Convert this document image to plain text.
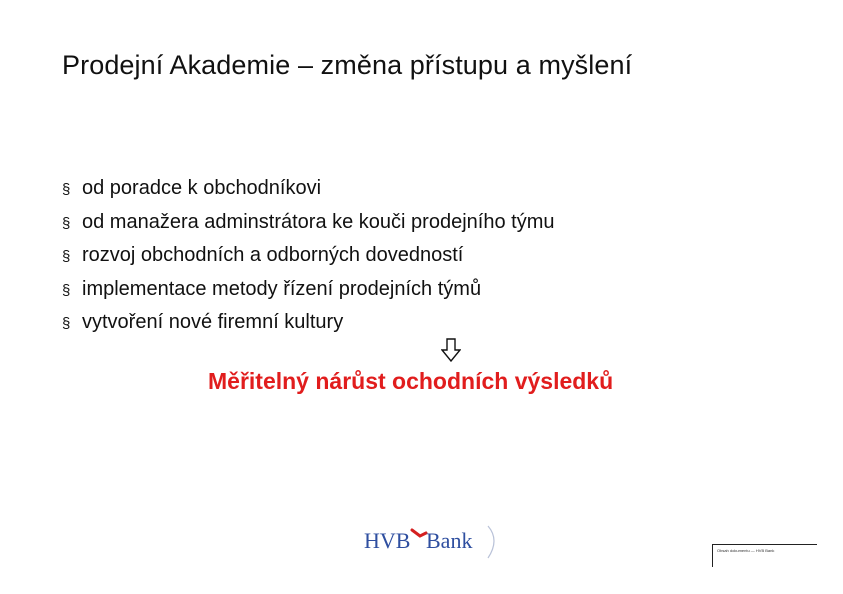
Prodejní Akademie – změna přístupu a myšlení
§ od poradce k obchodníkovi
§ od manažera adminstrátora ke kouči prodejního týmu
§ rozvoj obchodních a odborných dovedností
§ implementace metody řízení prodejních týmů
§ vytvoření nové firemní kultury
Měřitelný nárůst ochodních výsledků
HVB Bank	Obsah dokumentu — HVB Bank
